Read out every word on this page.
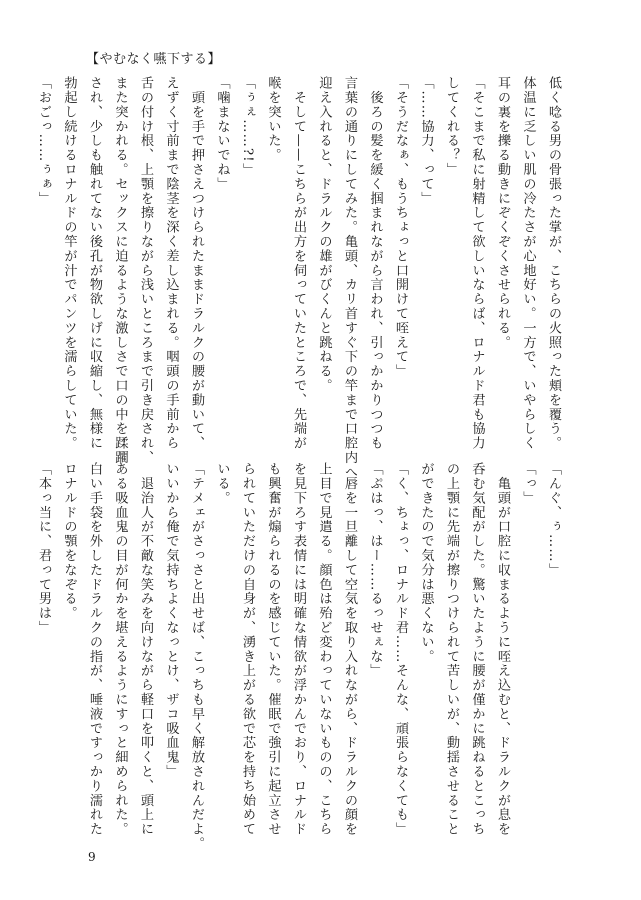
【やむなく嚥下する】
低く唸る男の骨張った掌が、こちらの火照った頬を覆う。
体温に乏しい肌の冷たさが心地好い。一方で、いやらしく
耳の裏を擽る動きにぞくぞくさせられる。
「そこまで私に射精して欲しいならば、ロナルド君も協力
してくれる？」
「……協力、って」
「そうだなぁ、もうちょっと口開けて咥えて」
　後ろの髪を緩く掴まれながら言われ、引っかかりつつも
言葉の通りにしてみた。亀頭、カリ首すぐ下の竿まで口腔内へ
迎え入れると、ドラルクの雄がびくんと跳ねる。
　そして——こちらが出方を伺っていたところで、先端が
喉を突いた。
「ぅぇ……?!」
「噛まないでね」
　頭を手で押さえつけられたままドラルクの腰が動いて、
えずく寸前まで陰茎を深く差し込まれる。咽頭の手前から
舌の付け根、上顎を擦りながら浅いところまで引き戻され、
また突かれる。セックスに迫るような激しさで口の中を蹂躙
され、少しも触れてない後孔が物欲しげに収縮し、無様に
勃起し続けるロナルドの竿が汁でパンツを濡らしていた。
「おごっ……ぅぁ」
「んぐ、ぅ……」
「っ」
　亀頭が口腔に収まるように咥え込むと、ドラルクが息を
呑む気配がした。驚いたように腰が僅かに跳ねるとこっち
の上顎に先端が擦りつけられて苦しいが、動揺させること
ができたので気分は悪くない。
「く、ちょっ、ロナルド君……そんな、頑張らなくても」
「ぷはっ、はー……るっせぇな」
　唇を一旦離して空気を取り入れながら、ドラルクの顔を
上目で見遣る。顔色は殆ど変わっていないものの、こちら
を見下ろす表情には明確な情欲が浮かんでおり、ロナルド
も興奮が煽られるのを感じていた。催眠で強引に起立させ
られていただけの自身が、湧き上がる欲で芯を持ち始めて
いる。
「テメェがさっさと出せば、こっちも早く解放されんだよ。
いいから俺で気持ちよくなっとけ、ザコ吸血鬼」
　退治人が不敵な笑みを向けながら軽口を叩くと、頭上に
ある吸血鬼の目が何かを堪えるようにすっと細められた。
白い手袋を外したドラルクの指が、唾液ですっかり濡れた
ロナルドの顎をなぞる。
「本っ当に、君って男は」
9
